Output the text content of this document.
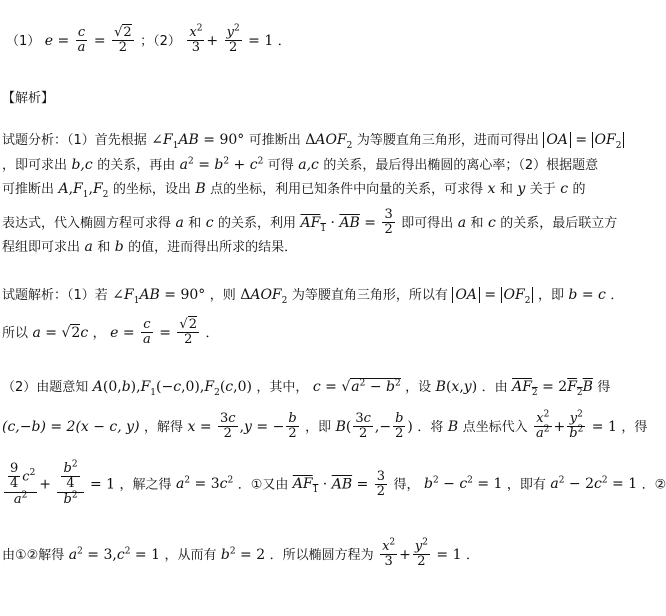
（1） $e = \frac{c}{a} = \frac{√2}{2}$ ；$(2) \frac{x^2}{3} + \frac{y^2}{2} = 1$ ．
【解析】
试题分析：（1）首先根据 $\angle F_1AB = 90^\circ$ 可推断出 $\Delta AOF_2$ 为等腰直角三角形，进而可得出 OA = $OF_2$
，即可求出 b,c 的关系，再由 $a^2 = b^2 + c^2$ 可得 a,c 的关系，最后得出椭圆的离心率；（2）根据题意
可推断出 $A,F_1,F_2$ 的坐标，设出 B 点的坐标，利用已知条件中向量的关系，可求得 x 和 y 关于 c 的
表达式，代入椭圆方程可求得 a 和 c 的关系，利用 $AF_1 \cdot \overline{AB} = \frac{3}{2}$ 即可得出 a 和 c 的关系，最后联立方
程组即可求出 a 和 b 的值，进而得出所求的结果．
试题解析：（1）若 $\angle F_1AB = 90^\circ$ ，则 $\Delta AOF_2$ 为等腰直角三角形，所以有 OA = $OF_2$ ，即 b = c ．
所以 a = √2c ， $e = \frac{c}{a} = \frac{√2}{2}$ ．
（2）由题意知 $A(0,b),F_1(-c,0),F_2(c,0)$ ，其中， $c = √a^2 - b^2$ ，设 B(x,y) ．由 $AF_2 = 2F_2B$ 得
(c,−b) = 2(x − c, y) ，解得 $x = \frac{3c}{2} ,y$ = − $\frac{b}{2}$ ，即 $B( \frac{3c}{2}$ ,− $\frac{b}{2}$ ) ．将 B 点坐标代入 $\frac{x^2}{a^2} + \frac{y^2}{b^2} = 1$ ，得
$\frac{\frac{9}{4} c^2}{a^2} + \frac{\frac{b^2}{4}}{b^2} = 1$ ，解之得 $a^2 = 3c^2$ ．①又由 $AF_1 \cdot \overline{AB} = \frac{3}{2}$ 得， $b^2 - c^2 = 1$ ，即有 $a^2 - 2c^2 = 1$ ．②
由①②解得 $a^2 = 3,c^2 = 1$ ，从而有 $b^2 = 2$ ．所以椭圆方程为 $\frac{x^2}{3} + \frac{y^2}{2} = 1$ ．
